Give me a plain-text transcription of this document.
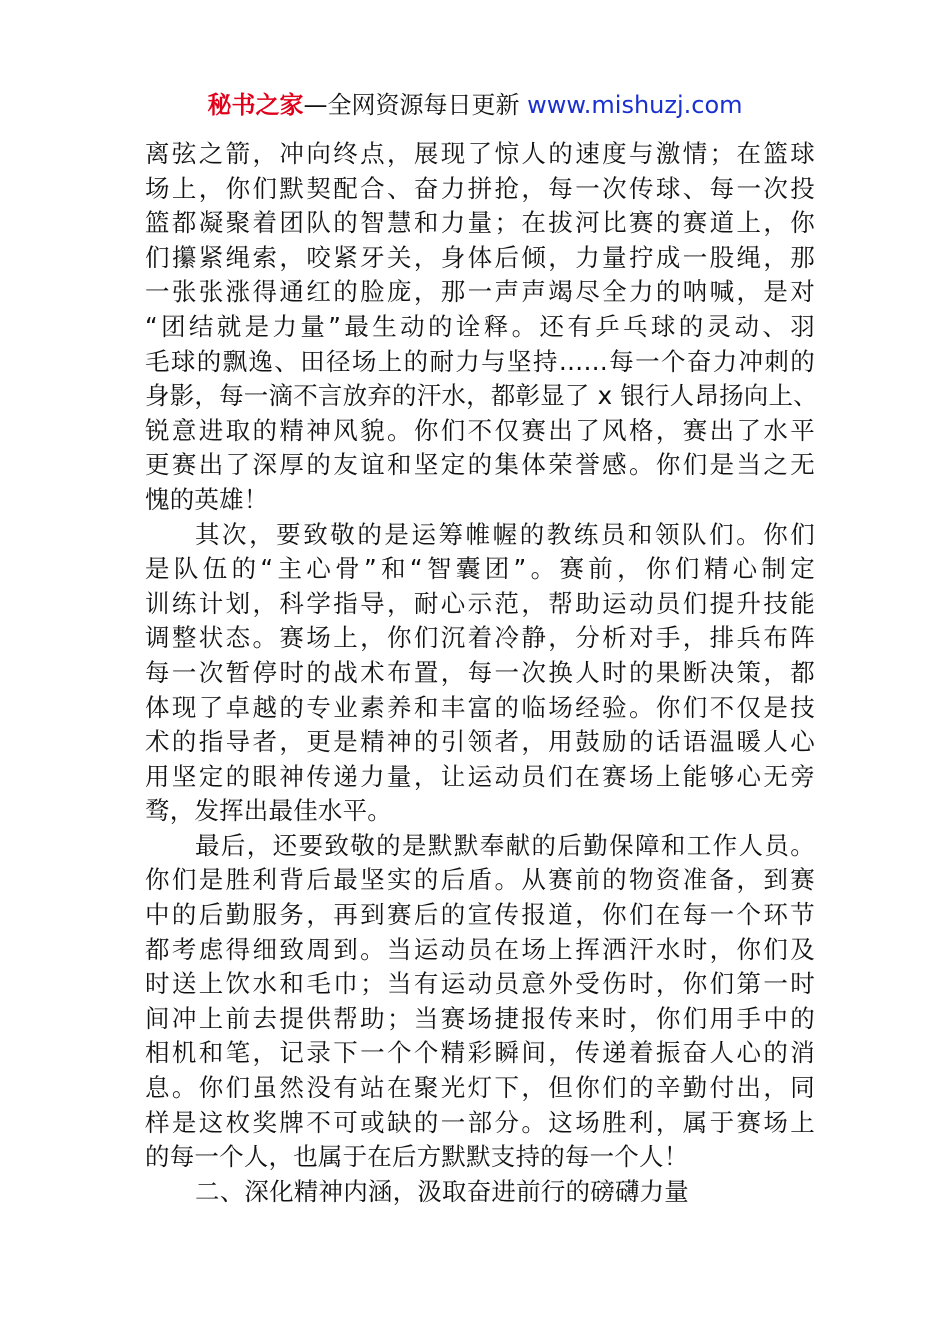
秘书之家—全网资源每日更新 www.mishuzj.com
离弦之箭，冲向终点，展现了惊人的速度与激情；在篮球
场上，你们默契配合、奋力拼抢，每一次传球、每一次投
篮都凝聚着团队的智慧和力量；在拔河比赛的赛道上，你
们攥紧绳索，咬紧牙关，身体后倾，力量拧成一股绳，那
一张张涨得通红的脸庞，那一声声竭尽全力的呐喊，是对
“团结就是力量”最生动的诠释。还有乒乓球的灵动、羽
毛球的飘逸、田径场上的耐力与坚持……每一个奋力冲刺的
身影，每一滴不言放弃的汗水，都彰显了 x 银行人昂扬向上、
锐意进取的精神风貌。你们不仅赛出了风格，赛出了水平
更赛出了深厚的友谊和坚定的集体荣誉感。你们是当之无
愧的英雄！
其次，要致敬的是运筹帷幄的教练员和领队们。你们
是队伍的“主心骨”和“智囊团”。赛前，你们精心制定
训练计划，科学指导，耐心示范，帮助运动员们提升技能
调整状态。赛场上，你们沉着冷静，分析对手，排兵布阵
每一次暂停时的战术布置，每一次换人时的果断决策，都
体现了卓越的专业素养和丰富的临场经验。你们不仅是技
术的指导者，更是精神的引领者，用鼓励的话语温暖人心
用坚定的眼神传递力量，让运动员们在赛场上能够心无旁
骛，发挥出最佳水平。
最后，还要致敬的是默默奉献的后勤保障和工作人员。
你们是胜利背后最坚实的后盾。从赛前的物资准备，到赛
中的后勤服务，再到赛后的宣传报道，你们在每一个环节
都考虑得细致周到。当运动员在场上挥洒汗水时，你们及
时送上饮水和毛巾；当有运动员意外受伤时，你们第一时
间冲上前去提供帮助；当赛场捷报传来时，你们用手中的
相机和笔，记录下一个个精彩瞬间，传递着振奋人心的消
息。你们虽然没有站在聚光灯下，但你们的辛勤付出，同
样是这枚奖牌不可或缺的一部分。这场胜利，属于赛场上
的每一个人，也属于在后方默默支持的每一个人！
二、深化精神内涵，汲取奋进前行的磅礴力量
